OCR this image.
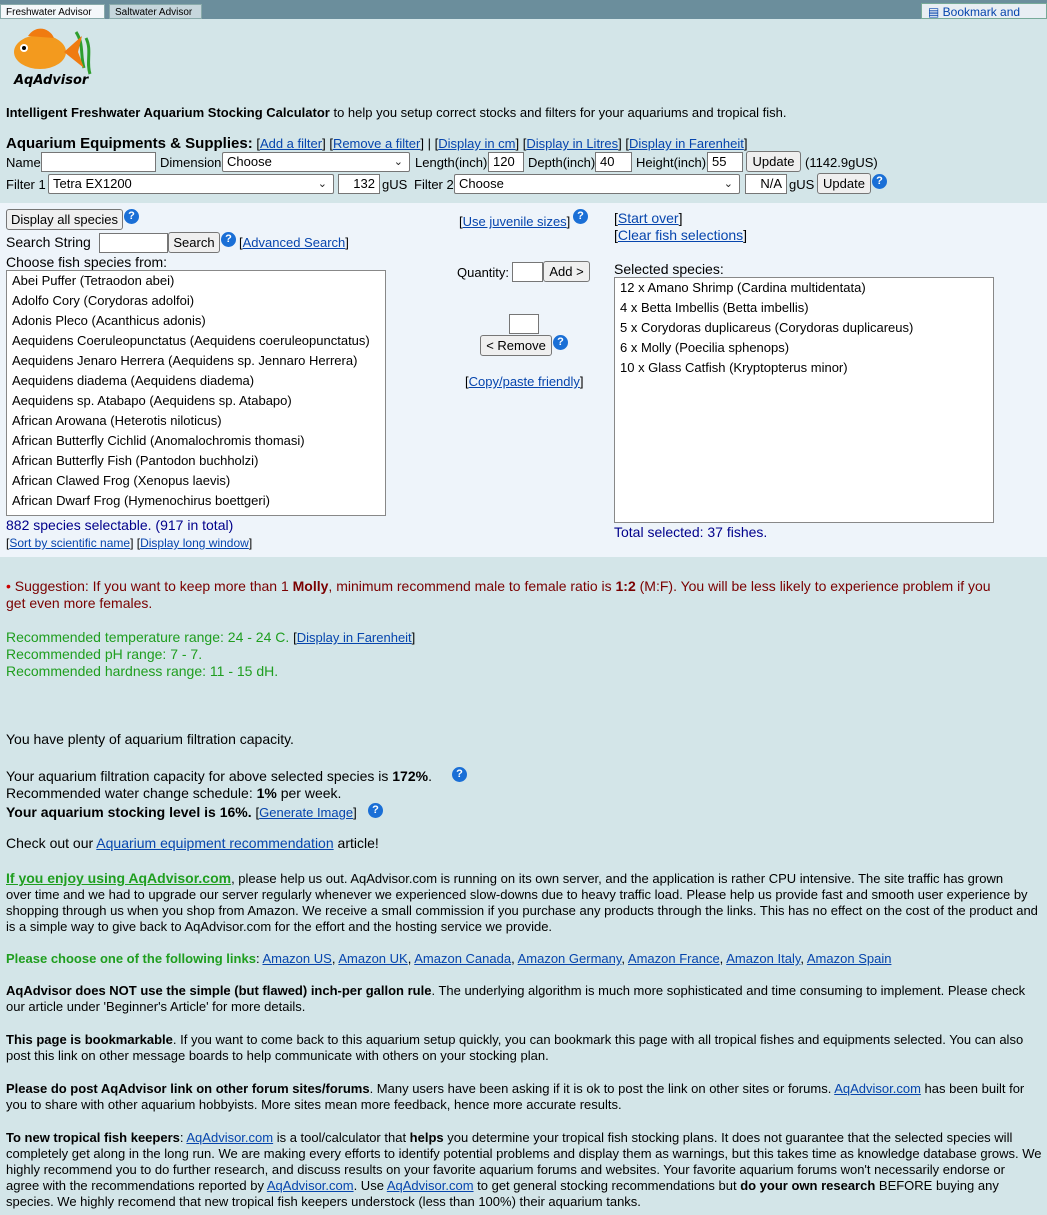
Freshwater Advisor	Saltwater Advisor	▤ Bookmark and
AqAdvisor
Intelligent Freshwater Aquarium Stocking Calculator to help you setup correct stocks and filters for your aquariums and tropical fish.
Aquarium Equipments & Supplies: [Add a filter] [Remove a filter] | [Display in cm] [Display in Litres] [Display in Farenheit]
Name	Dimension Choose	⌄ Length(inch) 120	Depth(inch) 40	Height(inch) 55	Update (1142.9gUS)
Filter 1 Tetra EX1200	⌄	132 gUS Filter 2 Choose	⌄	N/A gUS Update	?
Display all species ?
Search String	Search ? [Advanced Search]
Choose fish species from:
Abei Puffer (Tetraodon abei)
Adolfo Cory (Corydoras adolfoi)
Adonis Pleco (Acanthicus adonis)
Aequidens Coeruleopunctatus (Aequidens coeruleopunctatus)
Aequidens Jenaro Herrera (Aequidens sp. Jennaro Herrera)
Aequidens diadema (Aequidens diadema)
Aequidens sp. Atabapo (Aequidens sp. Atabapo)
African Arowana (Heterotis niloticus)
African Butterfly Cichlid (Anomalochromis thomasi)
African Butterfly Fish (Pantodon buchholzi)
African Clawed Frog (Xenopus laevis)
African Dwarf Frog (Hymenochirus boettgeri)
882 species selectable. (917 in total)
[Sort by scientific name] [Display long window]
[Use juvenile sizes] ?
Quantity:	Add >
< Remove	?
[Copy/paste friendly]
[Start over]
[Clear fish selections]
Selected species:
12 x Amano Shrimp (Cardina multidentata)
4 x Betta Imbellis (Betta imbellis)
5 x Corydoras duplicareus (Corydoras duplicareus)
6 x Molly (Poecilia sphenops)
10 x Glass Catfish (Kryptopterus minor)
Total selected: 37 fishes.
• Suggestion: If you want to keep more than 1 Molly, minimum recommend male to female ratio is 1:2 (M:F). You will be less likely to experience problem if you
get even more females.
Recommended temperature range: 24 - 24 C. [Display in Farenheit]
Recommended pH range: 7 - 7.
Recommended hardness range: 11 - 15 dH.
You have plenty of aquarium filtration capacity.
Your aquarium filtration capacity for above selected species is 172%.	?
Recommended water change schedule: 1% per week.
Your aquarium stocking level is 16%. [Generate Image]	?
Check out our Aquarium equipment recommendation article!
If you enjoy using AqAdvisor.com, please help us out. AqAdvisor.com is running on its own server, and the application is rather CPU intensive. The site traffic has grown
over time and we had to upgrade our server regularly whenever we experienced slow-downs due to heavy traffic load. Please help us provide fast and smooth user experience by
shopping through us when you shop from Amazon. We receive a small commission if you purchase any products through the links. This has no effect on the cost of the product and
is a simple way to give back to AqAdvisor.com for the effort and the hosting service we provide.
Please choose one of the following links: Amazon US, Amazon UK, Amazon Canada, Amazon Germany, Amazon France, Amazon Italy, Amazon Spain
AqAdvisor does NOT use the simple (but flawed) inch-per gallon rule. The underlying algorithm is much more sophisticated and time consuming to implement. Please check
our article under 'Beginner's Article' for more details.
This page is bookmarkable. If you want to come back to this aquarium setup quickly, you can bookmark this page with all tropical fishes and equipments selected. You can also
post this link on other message boards to help communicate with others on your stocking plan.
Please do post AqAdvisor link on other forum sites/forums. Many users have been asking if it is ok to post the link on other sites or forums. AqAdvisor.com has been built for
you to share with other aquarium hobbyists. More sites mean more feedback, hence more accurate results.
To new tropical fish keepers: AqAdvisor.com is a tool/calculator that helps you determine your tropical fish stocking plans. It does not guarantee that the selected species will
completely get along in the long run. We are making every efforts to identify potential problems and display them as warnings, but this takes time as knowledge database grows. We
highly recommend you to do further research, and discuss results on your favorite aquarium forums and websites. Your favorite aquarium forums won't necessarily endorse or
agree with the recommendations reported by AqAdvisor.com. Use AqAdvisor.com to get general stocking recommendations but do your own research BEFORE buying any
species. We highly recomend that new tropical fish keepers understock (less than 100%) their aquarium tanks.
